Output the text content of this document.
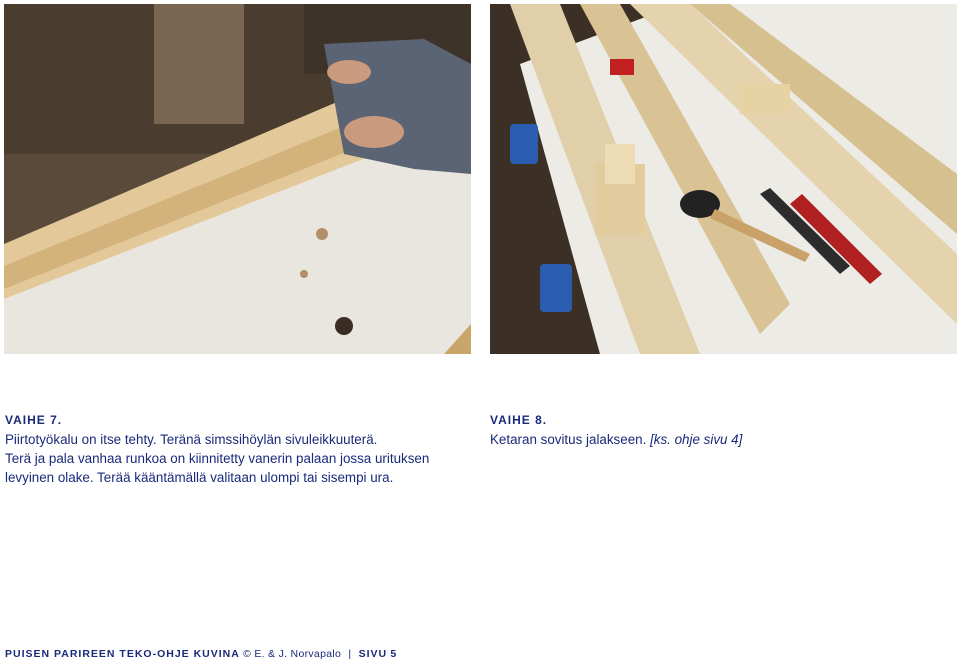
VAIHE 7.

Piirtotyökalu on itse tehty. Teränä simssihöylän sivuleikkuuterä.
Terä ja pala vanhaa runkoa on kiinnitetty vanerin palaan jossa urituksen
levyinen olake. Terää kääntämällä valitaan ulompi tai sisempi ura.

VAIHE 8.

Ketaran sovitus jalakseen. [ks. ohje sivu 4]

PUISEN PARIREEN TEKO-OHJE KUVINA © E. & J. Norvapalo | SIVU 5
